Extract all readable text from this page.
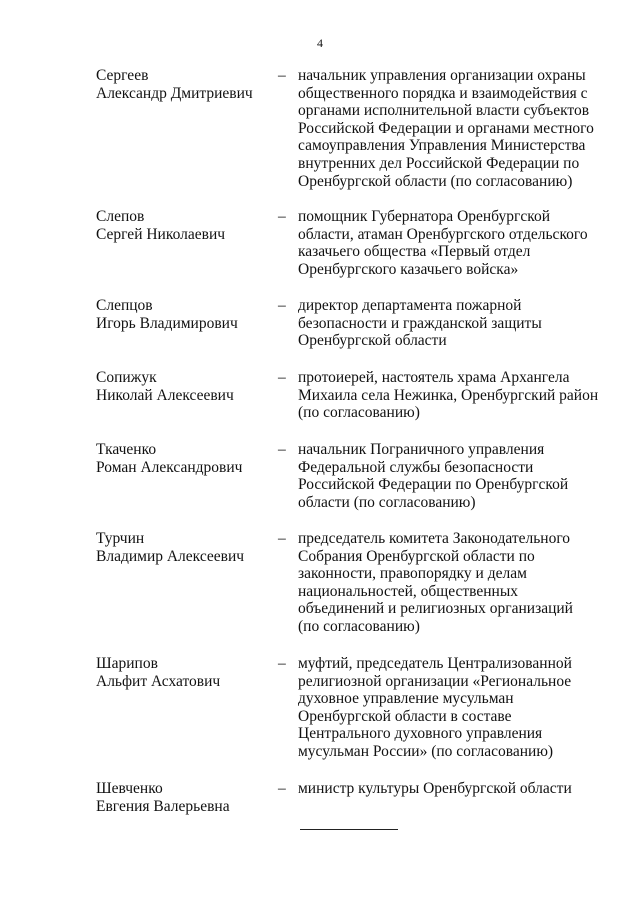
4
Сергеев
Александр Дмитриевич
– начальник управления организации охраны
общественного порядка и взаимодействия с
органами исполнительной власти субъектов
Российской Федерации и органами местного
самоуправления Управления Министерства
внутренних дел Российской Федерации по
Оренбургской области (по согласованию)
Слепов
Сергей Николаевич
– помощник Губернатора Оренбургской
области, атаман Оренбургского отдельского
казачьего общества «Первый отдел
Оренбургского казачьего войска»
Слепцов
Игорь Владимирович
– директор департамента пожарной
безопасности и гражданской защиты
Оренбургской области
Сопижук
Николай Алексеевич
– протоиерей, настоятель храма Архангела
Михаила села Нежинка, Оренбургский район
(по согласованию)
Ткаченко
Роман Александрович
– начальник Пограничного управления
Федеральной службы безопасности
Российской Федерации по Оренбургской
области (по согласованию)
Турчин
Владимир Алексеевич
– председатель комитета Законодательного
Собрания Оренбургской области по
законности, правопорядку и делам
национальностей, общественных
объединений и религиозных организаций
(по согласованию)
Шарипов
Альфит Асхатович
– муфтий, председатель Централизованной
религиозной организации «Региональное
духовное управление мусульман
Оренбургской области в составе
Центрального духовного управления
мусульман России» (по согласованию)
Шевченко
Евгения Валерьевна
– министр культуры Оренбургской области
